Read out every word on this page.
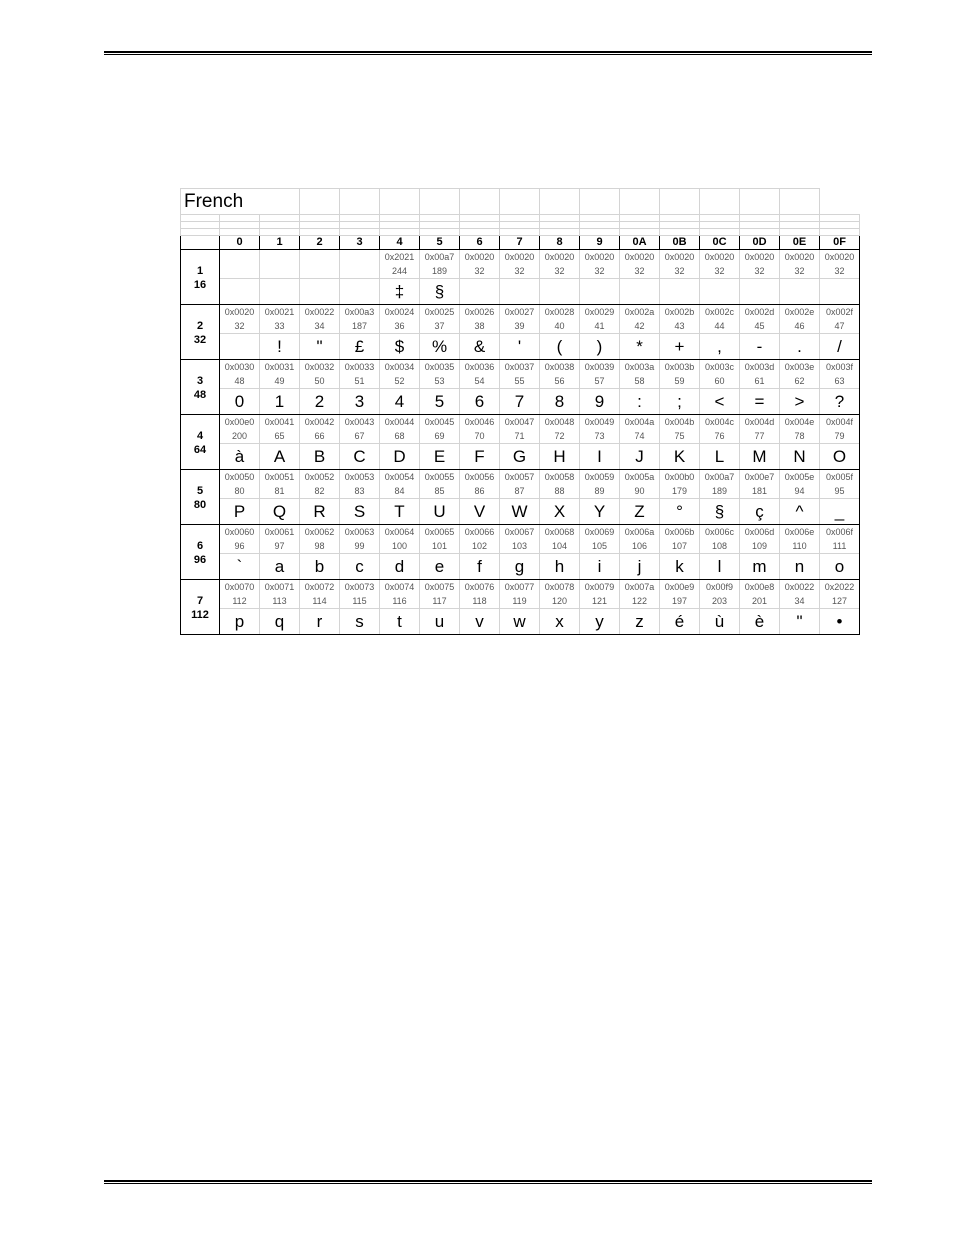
French																

	0	1	2	3	4	5	6	7	8	9	0A	0B	0C	0D	0E	0F

1
16					0x2021	0x00a7	0x0020	0x0020	0x0020	0x0020	0x0020	0x0020	0x0020	0x0020	0x0020	0x0020
					244	189	32	32	32	32	32	32	32	32	32	32
					‡	§										

2
32	0x0020	0x0021	0x0022	0x00a3	0x0024	0x0025	0x0026	0x0027	0x0028	0x0029	0x002a	0x002b	0x002c	0x002d	0x002e	0x002f
	32	33	34	187	36	37	38	39	40	41	42	43	44	45	46	47
		!	"	£	$	%	&	'	(	)	*	+	,	-	.	/

3
48	0x0030	0x0031	0x0032	0x0033	0x0034	0x0035	0x0036	0x0037	0x0038	0x0039	0x003a	0x003b	0x003c	0x003d	0x003e	0x003f
	48	49	50	51	52	53	54	55	56	57	58	59	60	61	62	63
	0	1	2	3	4	5	6	7	8	9	:	;	<	=	>	?

4
64	0x00e0	0x0041	0x0042	0x0043	0x0044	0x0045	0x0046	0x0047	0x0048	0x0049	0x004a	0x004b	0x004c	0x004d	0x004e	0x004f
	200	65	66	67	68	69	70	71	72	73	74	75	76	77	78	79
	à	A	B	C	D	E	F	G	H	I	J	K	L	M	N	O

5
80	0x0050	0x0051	0x0052	0x0053	0x0054	0x0055	0x0056	0x0057	0x0058	0x0059	0x005a	0x00b0	0x00a7	0x00e7	0x005e	0x005f
	80	81	82	83	84	85	86	87	88	89	90	179	189	181	94	95
	P	Q	R	S	T	U	V	W	X	Y	Z	°	§	ç	^	_

6
96	0x0060	0x0061	0x0062	0x0063	0x0064	0x0065	0x0066	0x0067	0x0068	0x0069	0x006a	0x006b	0x006c	0x006d	0x006e	0x006f
	96	97	98	99	100	101	102	103	104	105	106	107	108	109	110	111
	`	a	b	c	d	e	f	g	h	i	j	k	l	m	n	o

7
112	0x0070	0x0071	0x0072	0x0073	0x0074	0x0075	0x0076	0x0077	0x0078	0x0079	0x007a	0x00e9	0x00f9	0x00e8	0x0022	0x2022
	112	113	114	115	116	117	118	119	120	121	122	197	203	201	34	127
	p	q	r	s	t	u	v	w	x	y	z	é	ù	è	"	•
